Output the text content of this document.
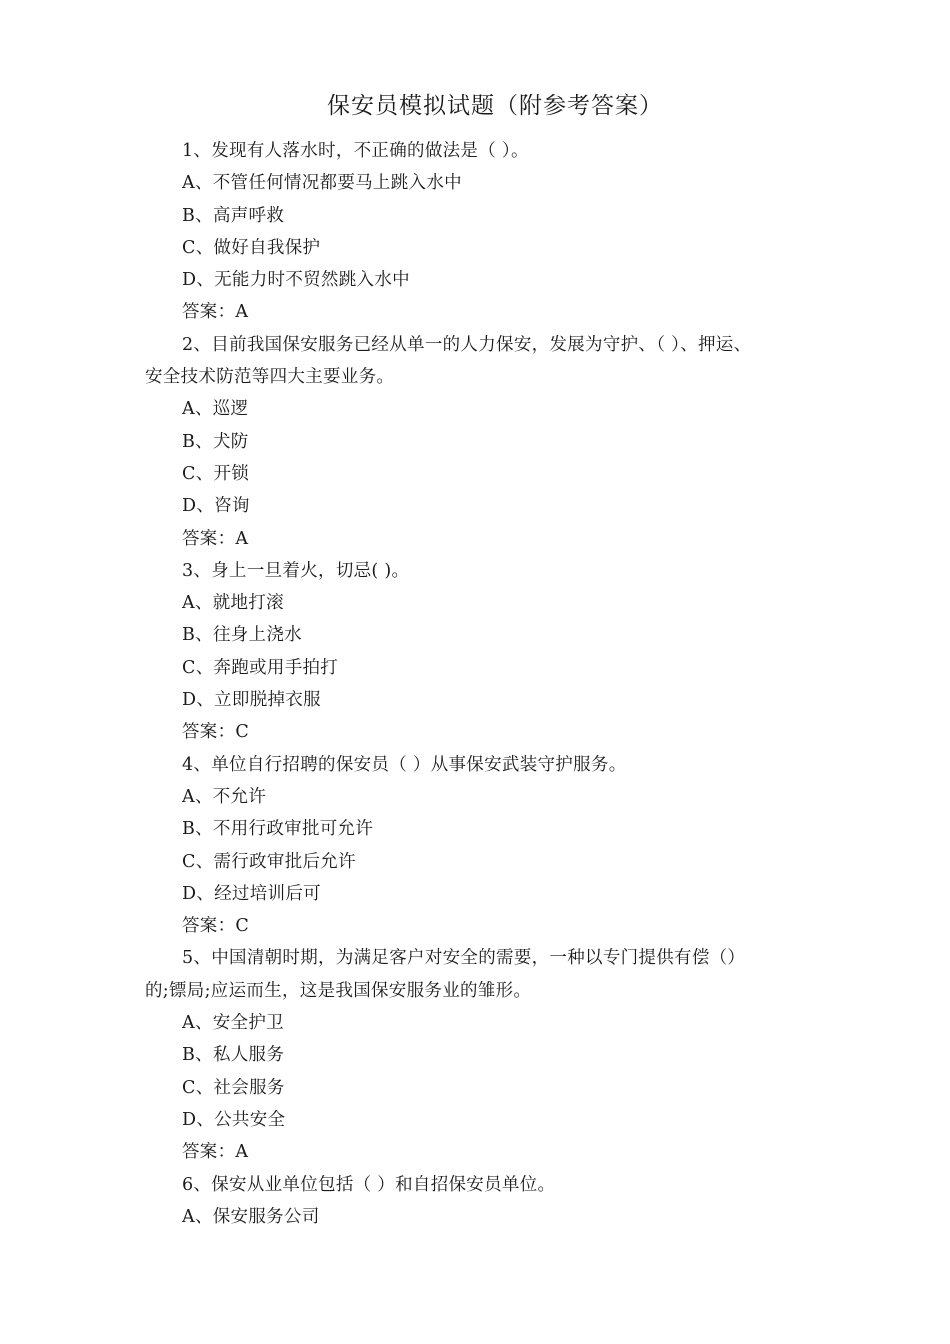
保安员模拟试题（附参考答案）
1、发现有人落水时，不正确的做法是（ ）。
A、不管任何情况都要马上跳入水中
B、高声呼救
C、做好自我保护
D、无能力时不贸然跳入水中
答案：A
2、目前我国保安服务已经从单一的人力保安，发展为守护、（ ）、押运、
安全技术防范等四大主要业务。
A、巡逻
B、犬防
C、开锁
D、咨询
答案：A
3、身上一旦着火，切忌( )。
A、就地打滚
B、往身上浇水
C、奔跑或用手拍打
D、立即脱掉衣服
答案：C
4、单位自行招聘的保安员（ ）从事保安武装守护服务。
A、不允许
B、不用行政审批可允许
C、需行政审批后允许
D、经过培训后可
答案：C
5、中国清朝时期，为满足客户对安全的需要，一种以专门提供有偿（）
的;镖局;应运而生，这是我国保安服务业的雏形。
A、安全护卫
B、私人服务
C、社会服务
D、公共安全
答案：A
6、保安从业单位包括（ ）和自招保安员单位。
A、保安服务公司
